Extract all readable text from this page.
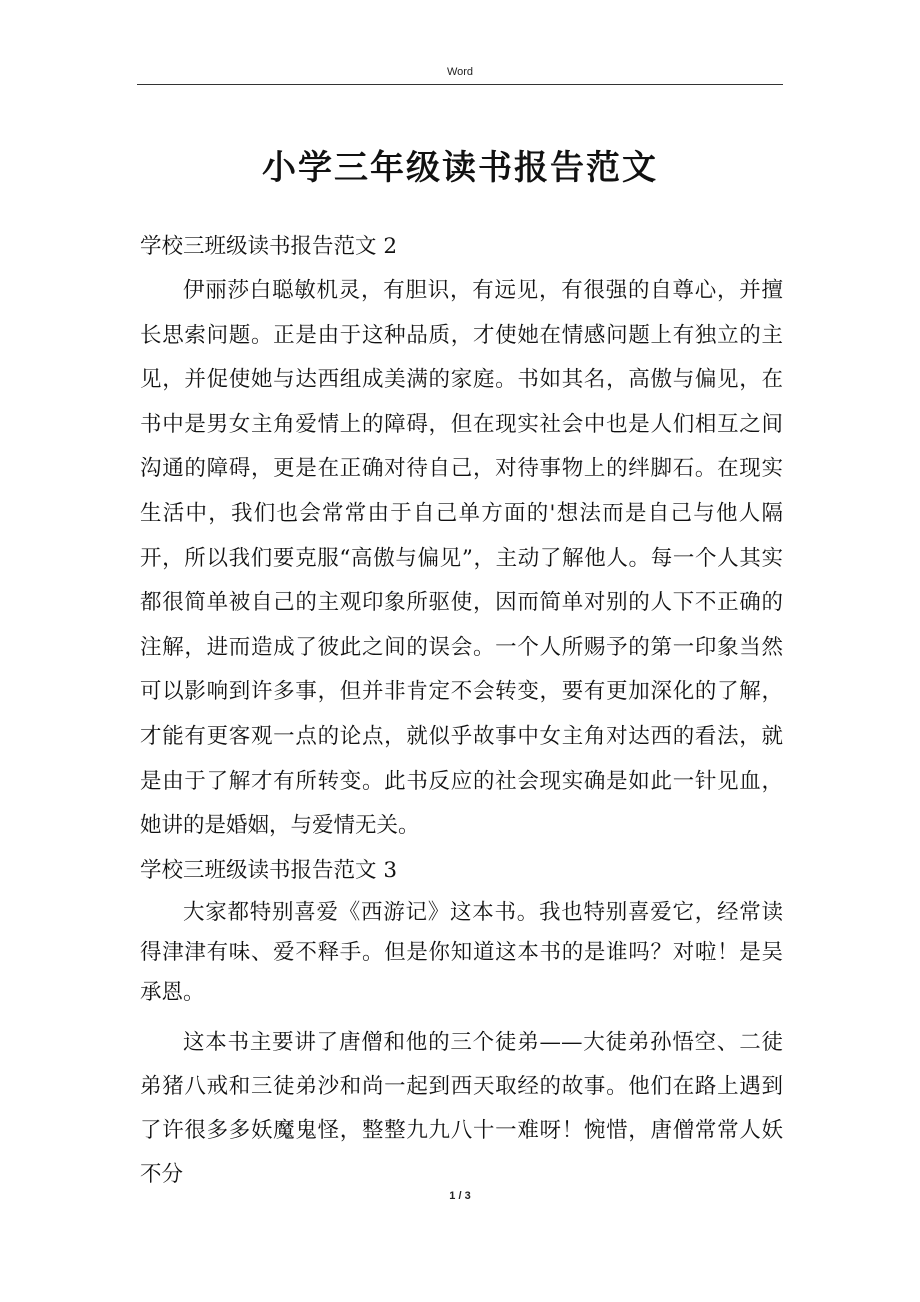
Word
小学三年级读书报告范文
学校三班级读书报告范文 2

伊丽莎白聪敏机灵，有胆识，有远见，有很强的自尊心，并擅长思索问题。正是由于这种品质，才使她在情感问题上有独立的主见，并促使她与达西组成美满的家庭。书如其名，高傲与偏见，在书中是男女主角爱情上的障碍，但在现实社会中也是人们相互之间沟通的障碍，更是在正确对待自己，对待事物上的绊脚石。在现实生活中，我们也会常常由于自己单方面的'想法而是自己与他人隔开，所以我们要克服“高傲与偏见”，主动了解他人。每一个人其实都很简单被自己的主观印象所驱使，因而简单对别的人下不正确的注解，进而造成了彼此之间的误会。一个人所赐予的第一印象当然可以影响到许多事，但并非肯定不会转变，要有更加深化的了解，才能有更客观一点的论点，就似乎故事中女主角对达西的看法，就是由于了解才有所转变。此书反应的社会现实确是如此一针见血，她讲的是婚姻，与爱情无关。

学校三班级读书报告范文 3

大家都特别喜爱《西游记》这本书。我也特别喜爱它，经常读得津津有味、爱不释手。但是你知道这本书的是谁吗？对啦！是吴承恩。

这本书主要讲了唐僧和他的三个徒弟——大徒弟孙悟空、二徒弟猪八戒和三徒弟沙和尚一起到西天取经的故事。他们在路上遇到了许很多多妖魔鬼怪，整整九九八十一难呀！惋惜，唐僧常常人妖不分

1 / 3
